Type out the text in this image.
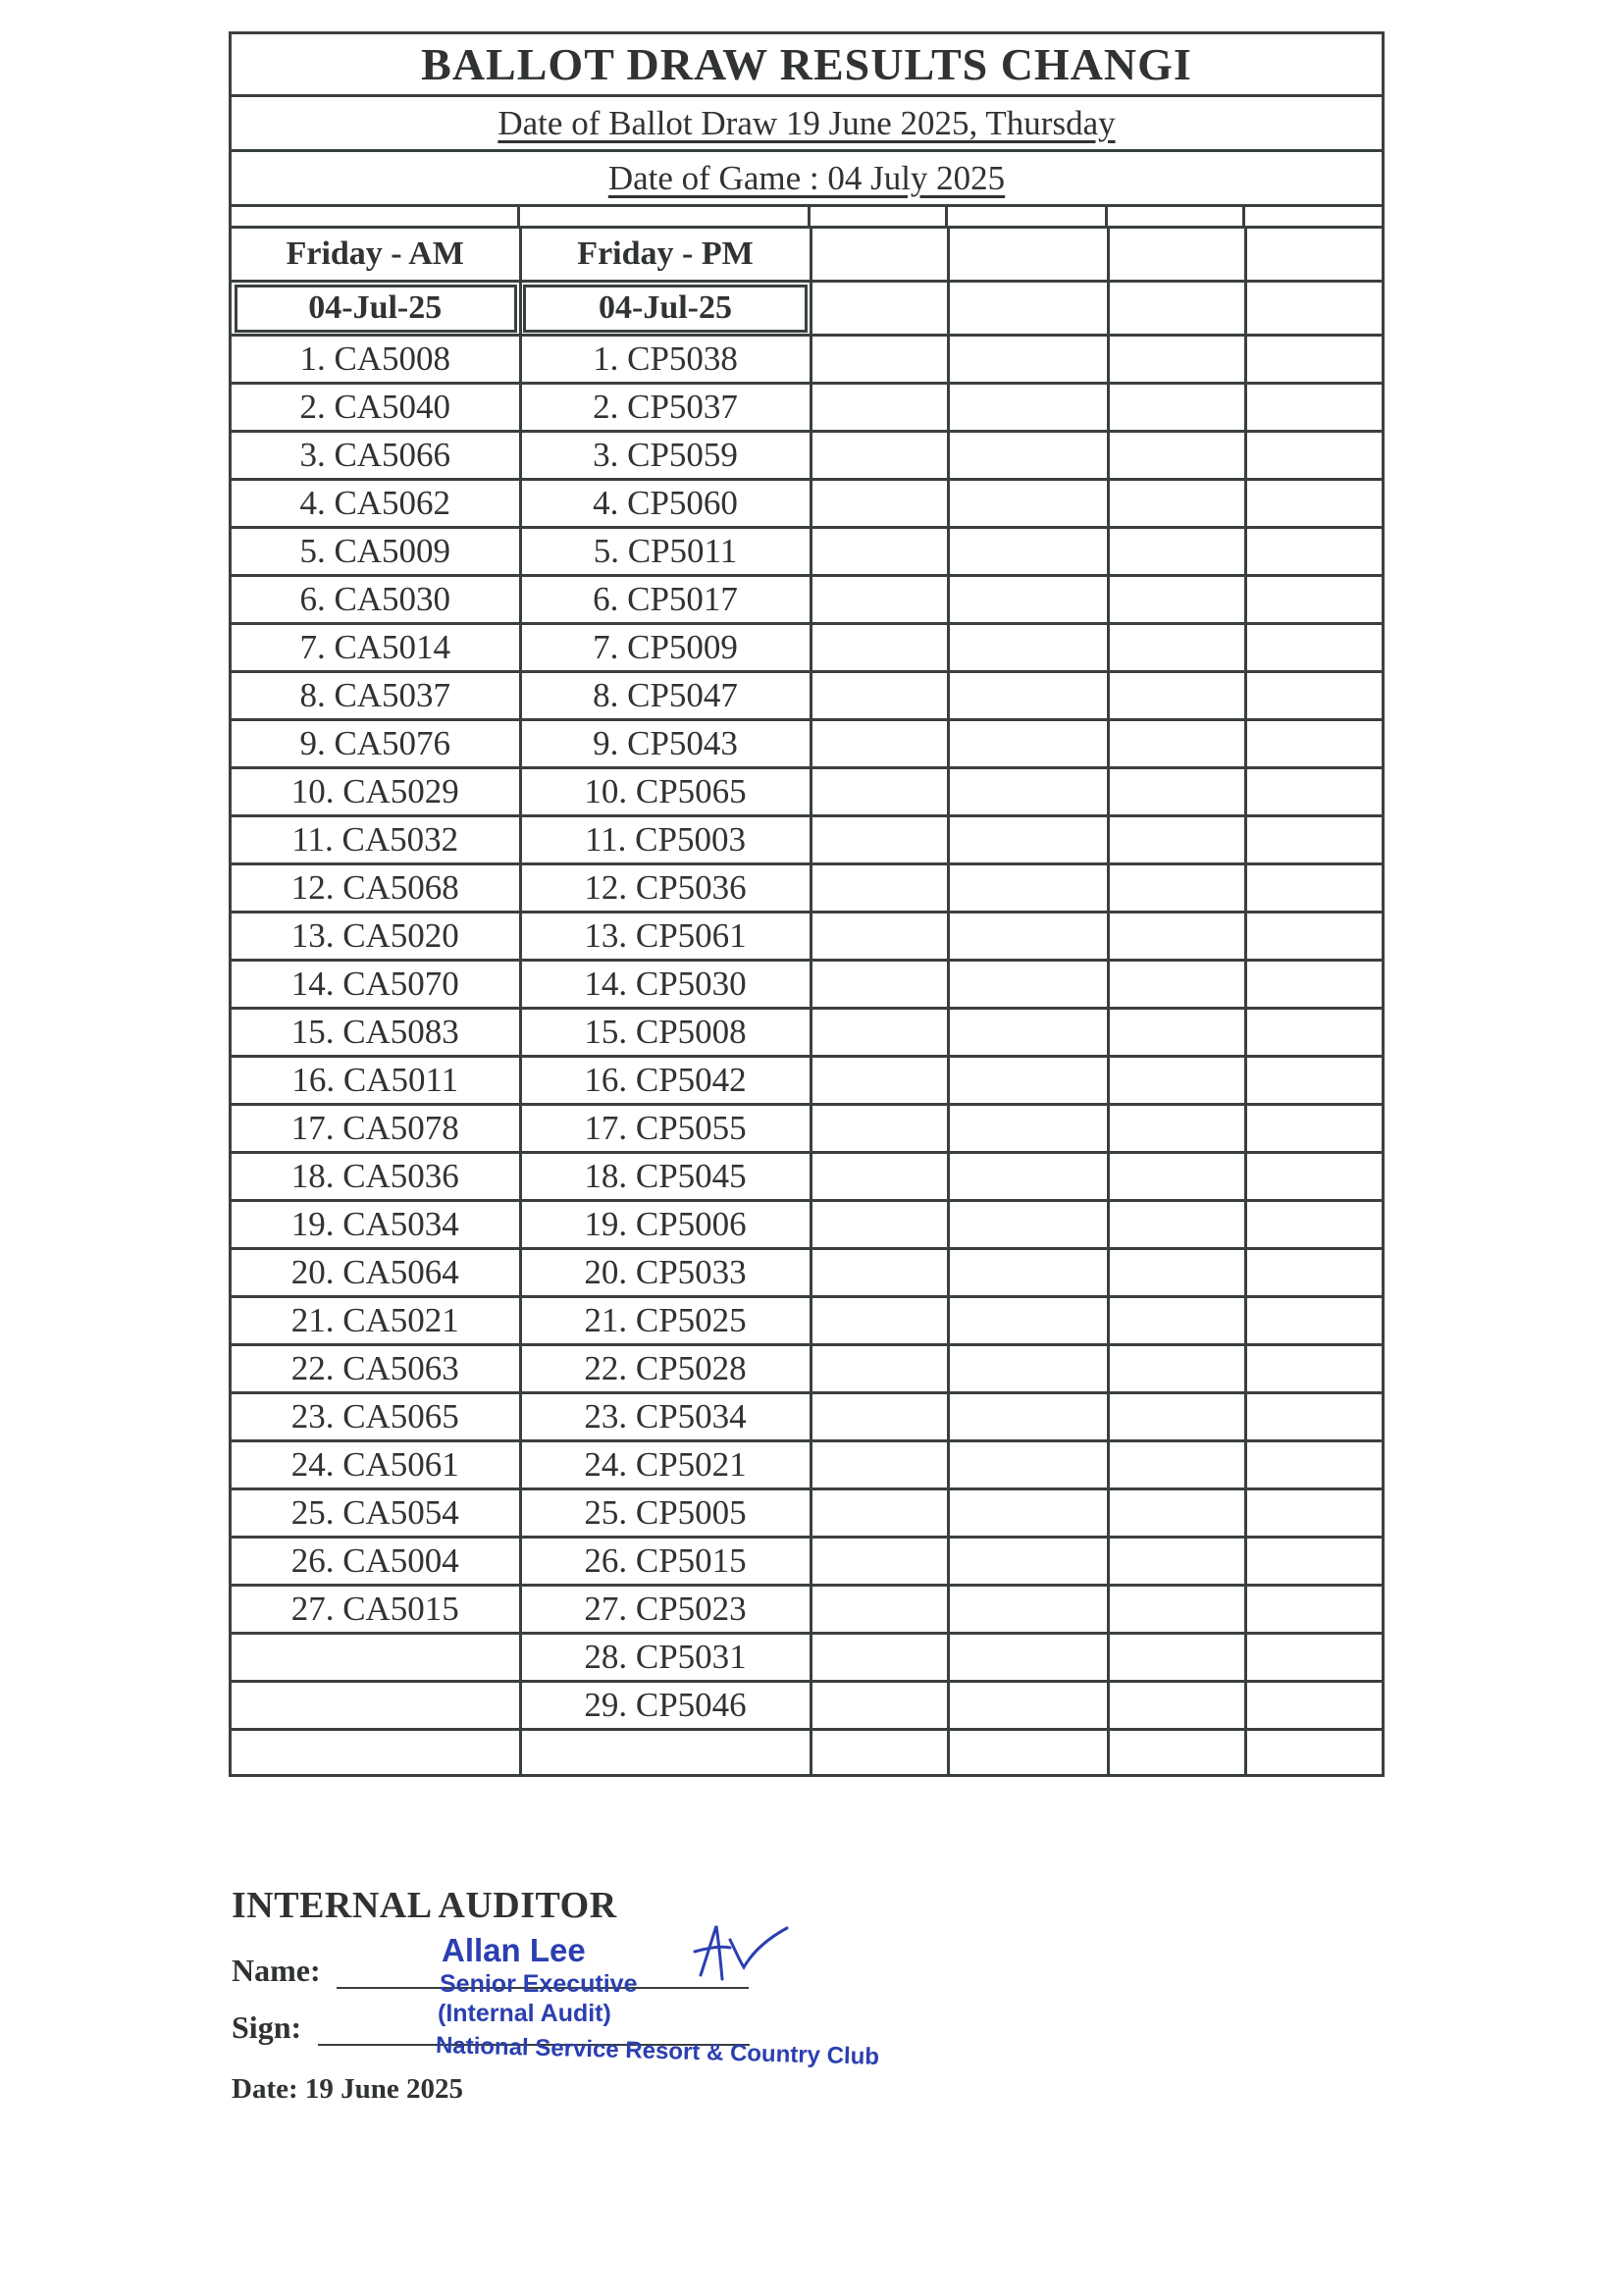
BALLOT DRAW RESULTS CHANGI
Date of Ballot Draw 19 June 2025, Thursday
Date of Game : 04 July 2025
Friday - AM	Friday - PM				
04-Jul-25	04-Jul-25				
1. CA5008	1. CP5038				
2. CA5040	2. CP5037				
3. CA5066	3. CP5059				
4. CA5062	4. CP5060				
5. CA5009	5. CP5011				
6. CA5030	6. CP5017				
7. CA5014	7. CP5009				
8. CA5037	8. CP5047				
9. CA5076	9. CP5043				
10. CA5029	10. CP5065				
11. CA5032	11. CP5003				
12. CA5068	12. CP5036				
13. CA5020	13. CP5061				
14. CA5070	14. CP5030				
15. CA5083	15. CP5008				
16. CA5011	16. CP5042				
17. CA5078	17. CP5055				
18. CA5036	18. CP5045				
19. CA5034	19. CP5006				
20. CA5064	20. CP5033				
21. CA5021	21. CP5025				
22. CA5063	22. CP5028				
23. CA5065	23. CP5034				
24. CA5061	24. CP5021				
25. CA5054	25. CP5005				
26. CA5004	26. CP5015				
27. CA5015	27. CP5023				
	28. CP5031				
	29. CP5046				

INTERNAL AUDITOR
Name:
Sign:
Date: 19 June 2025
Allan Lee
Senior Executive
(Internal Audit)
National Service Resort & Country Club
